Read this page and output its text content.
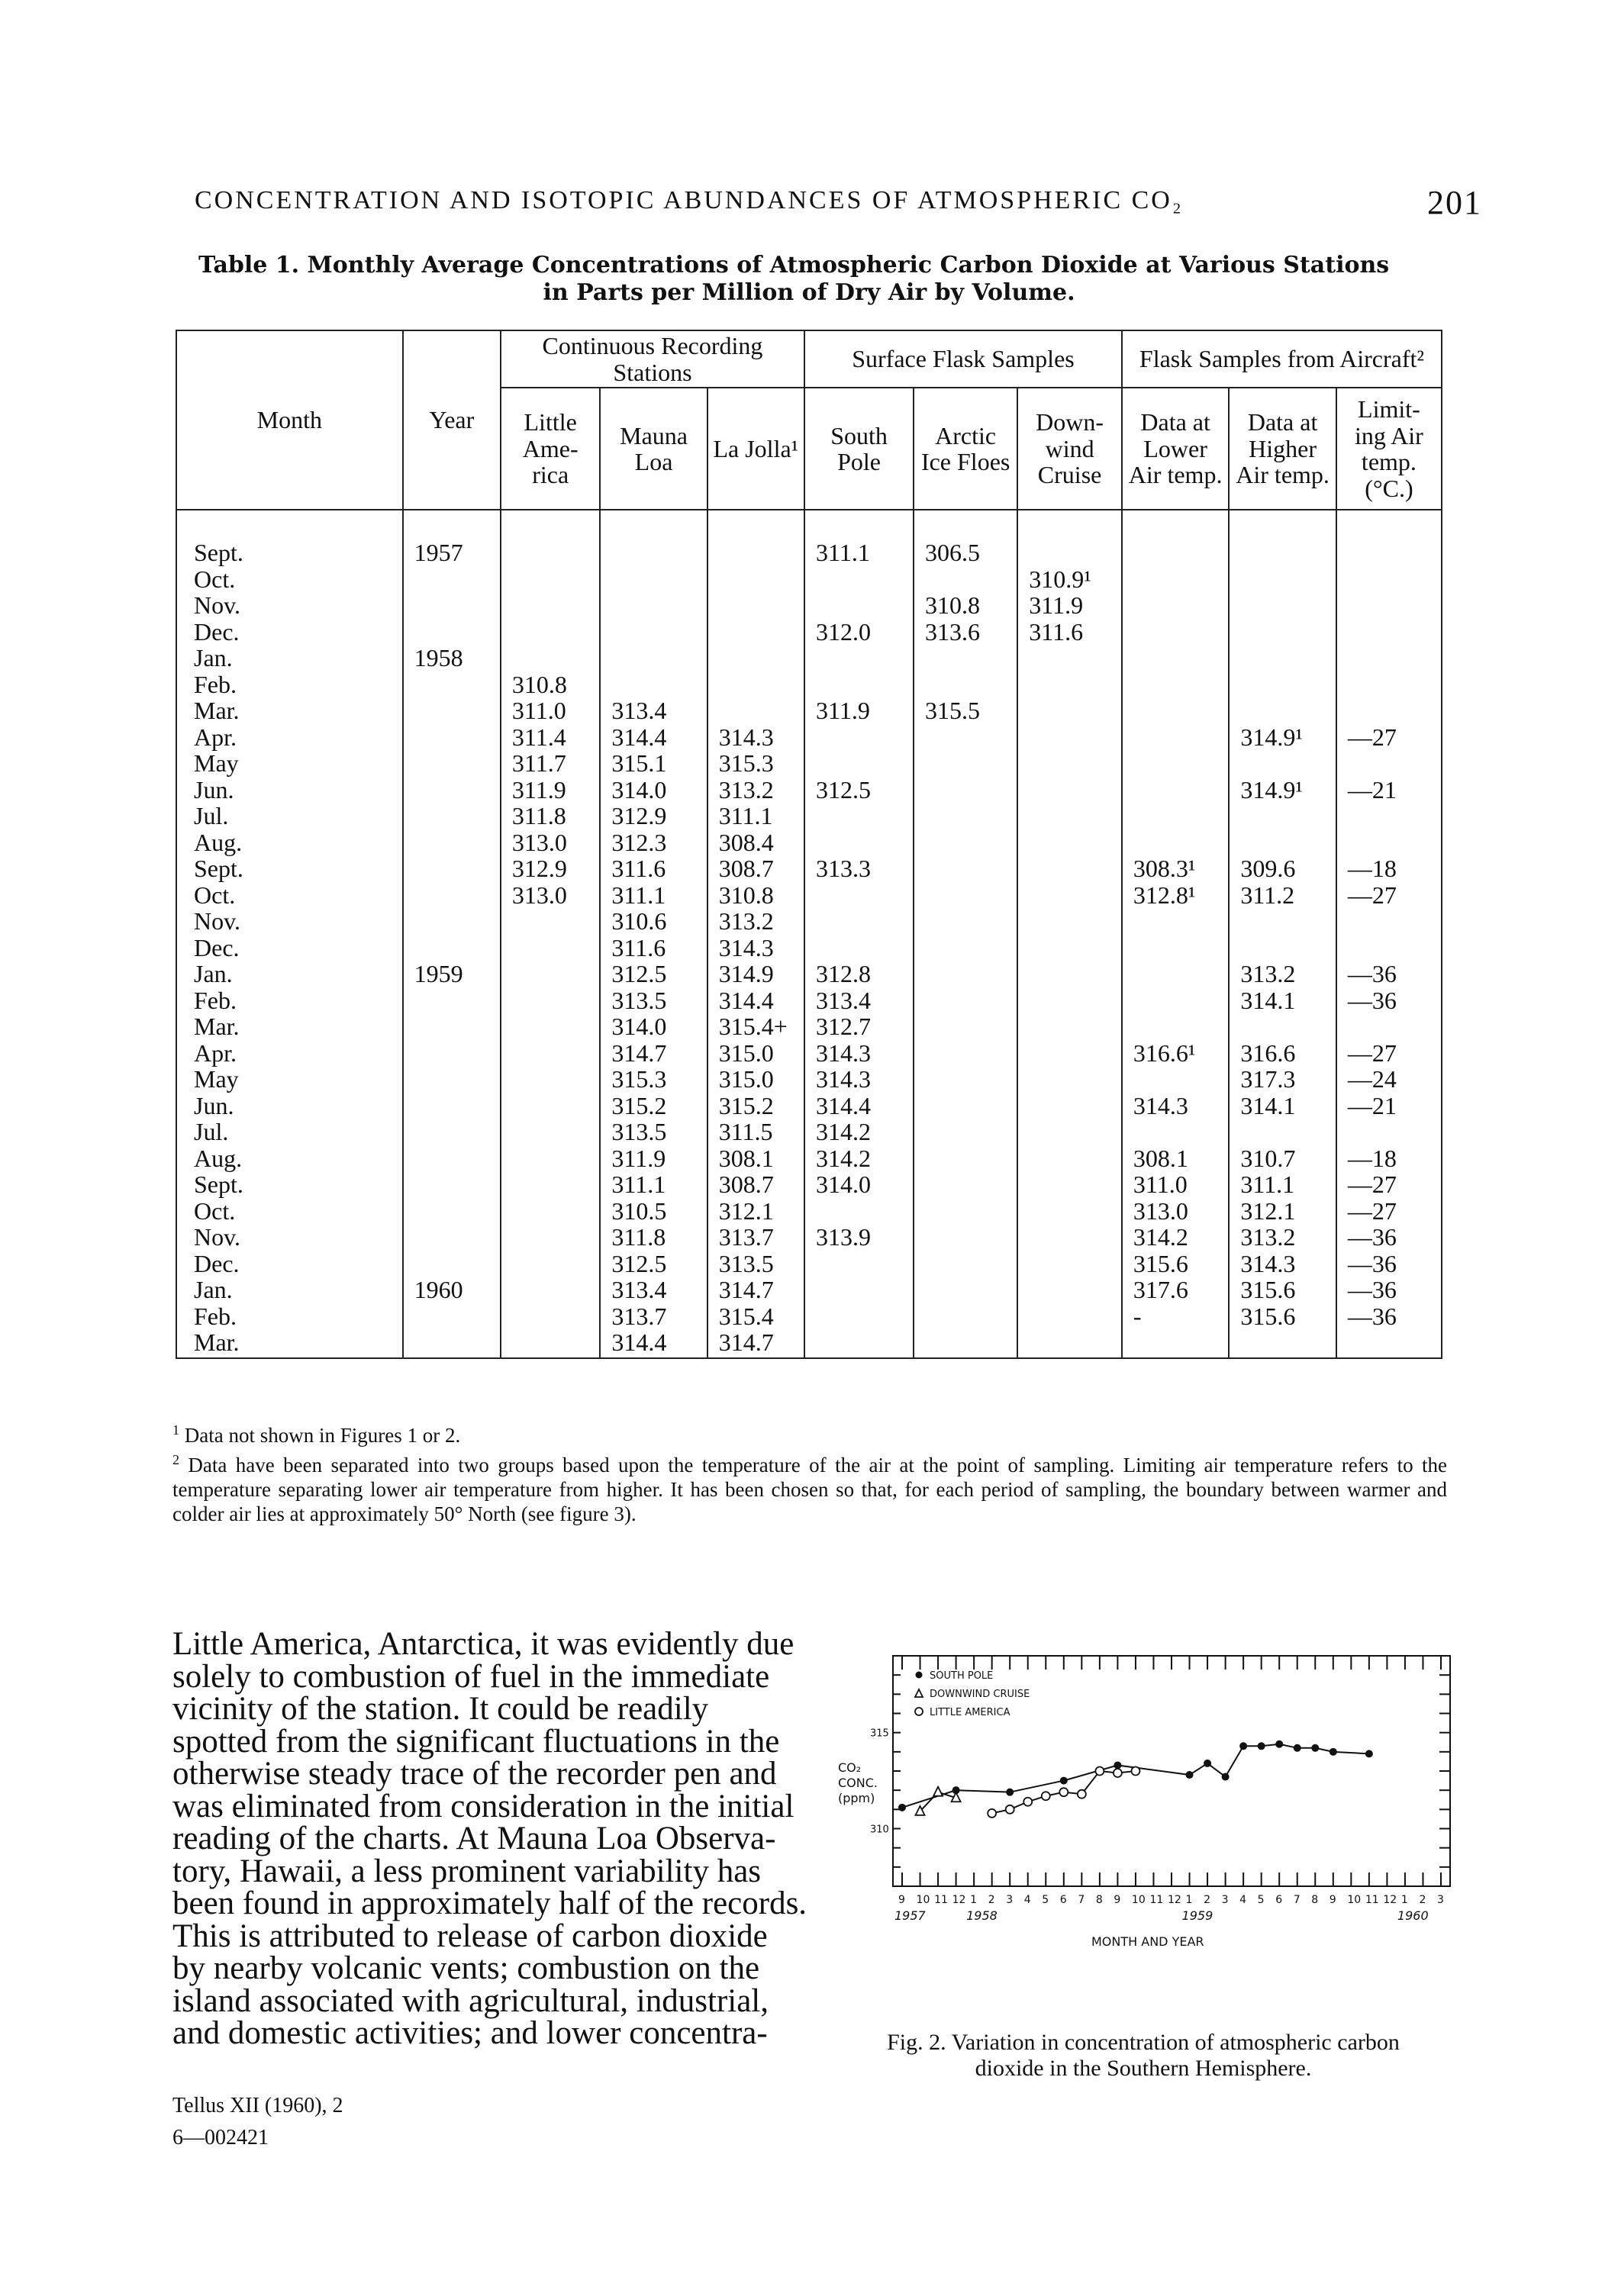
CONCENTRATION AND ISOTOPIC ABUNDANCES OF ATMOSPHERIC CO₂	201
Table 1. Monthly Average Concentrations of Atmospheric Carbon Dioxide at Various Stations
in Parts per Million of Dry Air by Volume.
Month	Year	Continuous Recording Stations			Surface Flask Samples			Flask Samples from Aircraft²		
		Little Ame- rica	Mauna Loa	La Jolla¹	South Pole	Arctic Ice Floes	Down- wind Cruise	Data at Lower Air temp.	Data at Higher Air temp.	Limit- ing Air temp. (°C.)
Sept.	1957				311.1	306.5				
Oct.							310.9¹			
Nov.						310.8	311.9			
Dec.					312.0	313.6	311.6			
Jan.	1958									
Feb.		310.8								
Mar.		311.0	313.4		311.9	315.5				
Apr.		311.4	314.4	314.3					314.9¹	—27
May		311.7	315.1	315.3						
Jun.		311.9	314.0	313.2	312.5				314.9¹	—21
Jul.		311.8	312.9	311.1						
Aug.		313.0	312.3	308.4						
Sept.		312.9	311.6	308.7	313.3			308.3¹	309.6	—18
Oct.		313.0	311.1	310.8				312.8¹	311.2	—27
Nov.			310.6	313.2						
Dec.			311.6	314.3						
Jan.	1959		312.5	314.9	312.8				313.2	—36
Feb.			313.5	314.4	313.4				314.1	—36
Mar.			314.0	315.4+	312.7					
Apr.			314.7	315.0	314.3			316.6¹	316.6	—27
May			315.3	315.0	314.3				317.3	—24
Jun.			315.2	315.2	314.4			314.3	314.1	—21
Jul.			313.5	311.5	314.2					
Aug.			311.9	308.1	314.2			308.1	310.7	—18
Sept.			311.1	308.7	314.0			311.0	311.1	—27
Oct.			310.5	312.1				313.0	312.1	—27
Nov.			311.8	313.7	313.9			314.2	313.2	—36
Dec.			312.5	313.5				315.6	314.3	—36
Jan.	1960		313.4	314.7				317.6	315.6	—36
Feb.			313.7	315.4				-	315.6	—36
Mar.			314.4	314.7						

$^1$ Data not shown in Figures 1 or 2.

$^2$ Data have been separated into two groups based upon the temperature of the air at the point of sampling. Limiting air temperature refers to the temperature separating lower air temperature from higher. It has been chosen so that, for each period of sampling, the boundary between warmer and colder air lies at approximately 50° North (see figure 3).

Little America, Antarctica, it was evidently due
solely to combustion of fuel in the immediate
vicinity of the station. It could be readily
spotted from the significant fluctuations in the
otherwise steady trace of the recorder pen and
was eliminated from consideration in the initial
reading of the charts. At Mauna Loa Observa-
tory, Hawaii, a less prominent variability has
been found in approximately half of the records.
This is attributed to release of carbon dioxide
by nearby volcanic vents; combustion on the
island associated with agricultural, industrial,
and domestic activities; and lower concentra-
Tellus XII (1960), 2
6—002421
9 10 11 12 1 2 3 4 5 6 7 8 9 10 11 12 1 2 3 4 5 6 7 8 9 10 11 12 1 2 3
310
315
CO₂
CONC.
(ppm)
1957	1958	1959	1960
MONTH AND YEAR
SOUTH POLE
DOWNWIND CRUISE
LITTLE AMERICA
Fig. 2. Variation in concentration of atmospheric carbon
dioxide in the Southern Hemisphere.
